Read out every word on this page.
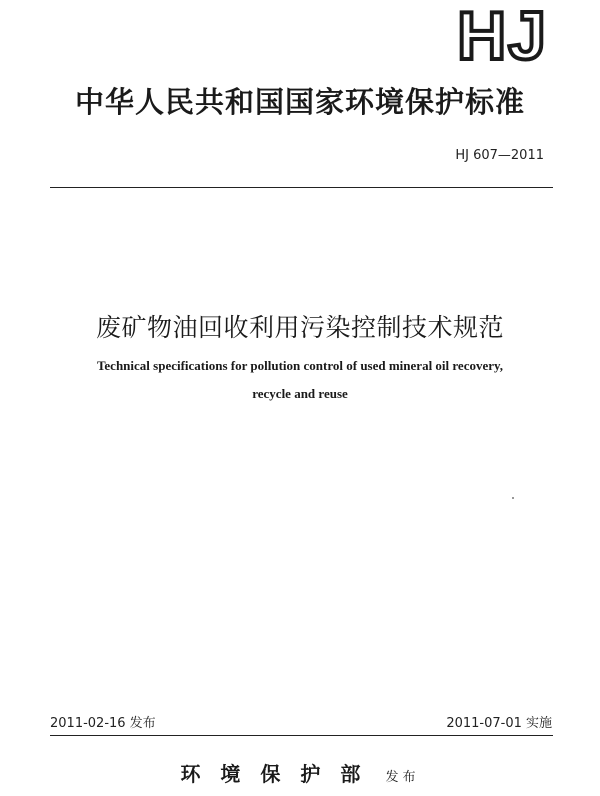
HJ
中华人民共和国国家环境保护标准
HJ 607—2011
废矿物油回收利用污染控制技术规范
Technical specifications for pollution control of used mineral oil recovery,
recycle and reuse
2011-02-16 发布	2011-07-01 实施
环境保护部 发布
